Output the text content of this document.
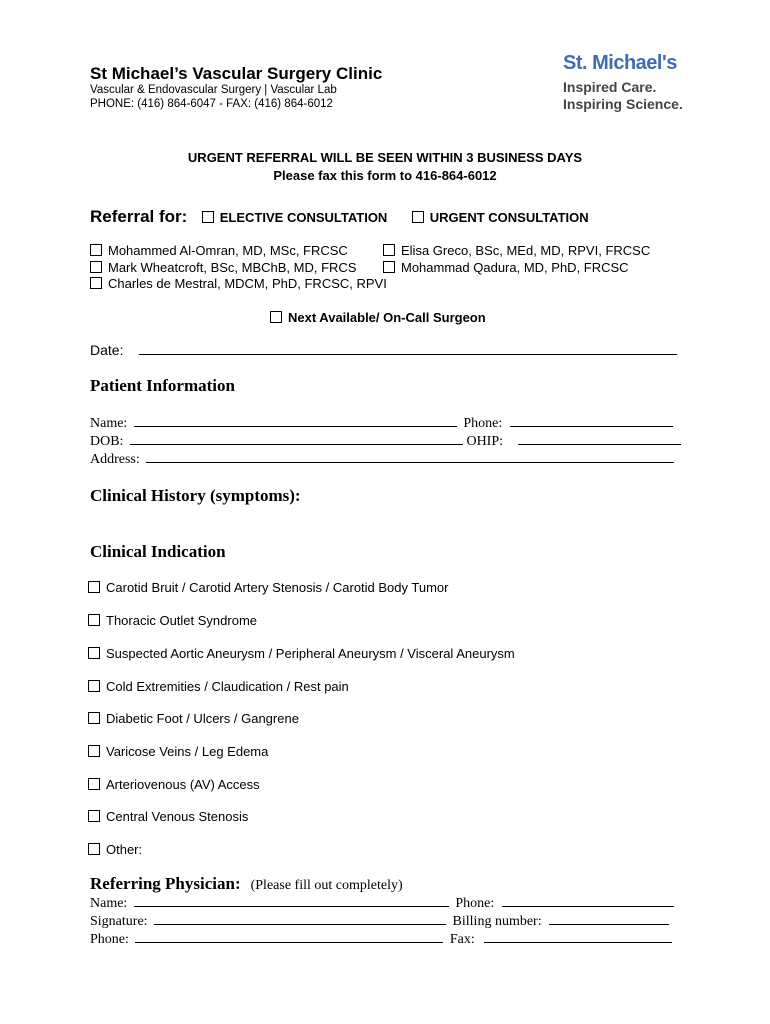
St Michael’s Vascular Surgery Clinic
Vascular & Endovascular Surgery | Vascular Lab
PHONE: (416) 864-6047 - FAX: (416) 864-6012
St. Michael's
Inspired Care.
Inspiring Science.
URGENT REFERRAL WILL BE SEEN WITHIN 3 BUSINESS DAYS
Please fax this form to 416-864-6012
Referral for: ELECTIVE CONSULTATION	URGENT CONSULTATION
Mohammed Al-Omran, MD, MSc, FRCSC	Elisa Greco, BSc, MEd, MD, RPVI, FRCSC
Mark Wheatcroft, BSc, MBChB, MD, FRCS	Mohammad Qadura, MD, PhD, FRCSC
Charles de Mestral, MDCM, PhD, FRCSC, RPVI
Next Available/ On-Call Surgeon
Date:
Patient Information
Name:	Phone:
DOB:	OHIP:
Address:
Clinical History (symptoms):
Clinical Indication
Carotid Bruit / Carotid Artery Stenosis / Carotid Body Tumor
Thoracic Outlet Syndrome
Suspected Aortic Aneurysm / Peripheral Aneurysm / Visceral Aneurysm
Cold Extremities / Claudication / Rest pain
Diabetic Foot / Ulcers / Gangrene
Varicose Veins / Leg Edema
Arteriovenous (AV) Access
Central Venous Stenosis
Other:
Referring Physician: (Please fill out completely)
Name:	Phone:
Signature:	Billing number:
Phone:	Fax:
